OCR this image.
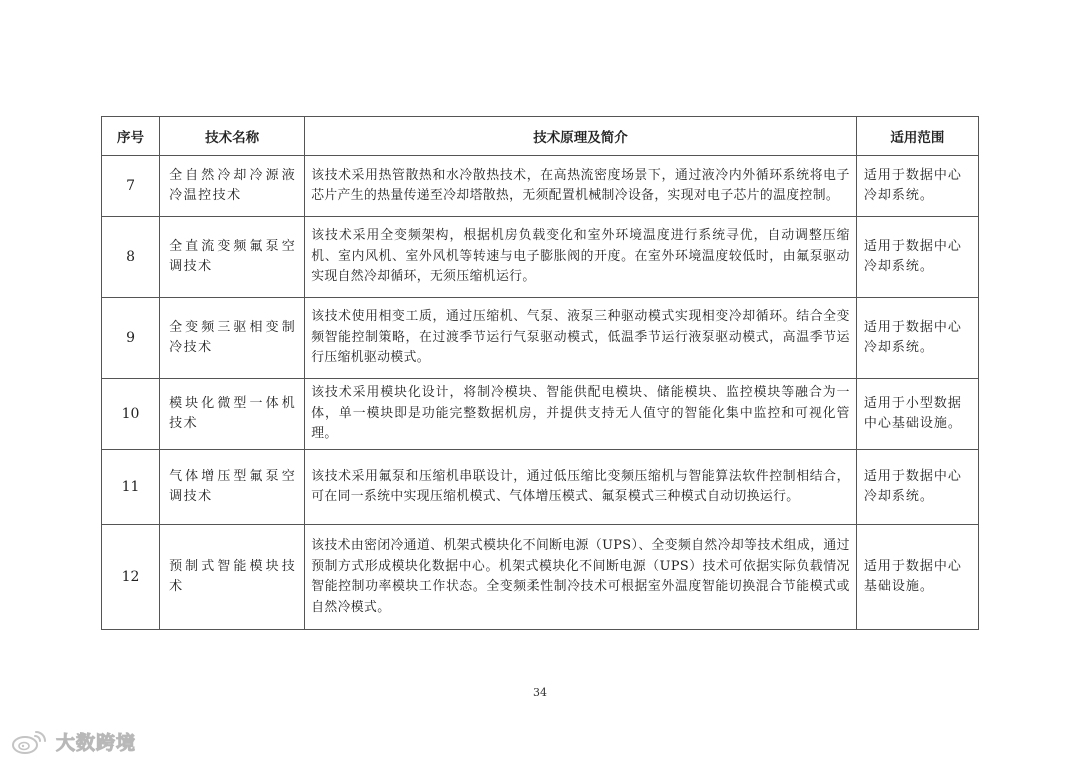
序号	技术名称	技术原理及简介	适用范围
7	全自然冷却冷源液冷温控技术	该技术采用热管散热和水冷散热技术，在高热流密度场景下，通过液冷内外循环系统将电子芯片产生的热量传递至冷却塔散热，无须配置机械制冷设备，实现对电子芯片的温度控制。	适用于数据中心冷却系统。
8	全直流变频氟泵空调技术	该技术采用全变频架构，根据机房负载变化和室外环境温度进行系统寻优，自动调整压缩机、室内风机、室外风机等转速与电子膨胀阀的开度。在室外环境温度较低时，由氟泵驱动实现自然冷却循环，无须压缩机运行。	适用于数据中心冷却系统。
9	全变频三驱相变制冷技术	该技术使用相变工质，通过压缩机、气泵、液泵三种驱动模式实现相变冷却循环。结合全变频智能控制策略，在过渡季节运行气泵驱动模式，低温季节运行液泵驱动模式，高温季节运行压缩机驱动模式。	适用于数据中心冷却系统。
10	模块化微型一体机技术	该技术采用模块化设计，将制冷模块、智能供配电模块、储能模块、监控模块等融合为一体，单一模块即是功能完整数据机房，并提供支持无人值守的智能化集中监控和可视化管理。	适用于小型数据中心基础设施。
11	气体增压型氟泵空调技术	该技术采用氟泵和压缩机串联设计，通过低压缩比变频压缩机与智能算法软件控制相结合，可在同一系统中实现压缩机模式、气体增压模式、氟泵模式三种模式自动切换运行。	适用于数据中心冷却系统。
12	预制式智能模块技术	该技术由密闭冷通道、机架式模块化不间断电源（UPS）、全变频自然冷却等技术组成，通过预制方式形成模块化数据中心。机架式模块化不间断电源（UPS）技术可依据实际负载情况智能控制功率模块工作状态。全变频柔性制冷技术可根据室外温度智能切换混合节能模式或自然冷模式。	适用于数据中心基础设施。
34
大数跨境
